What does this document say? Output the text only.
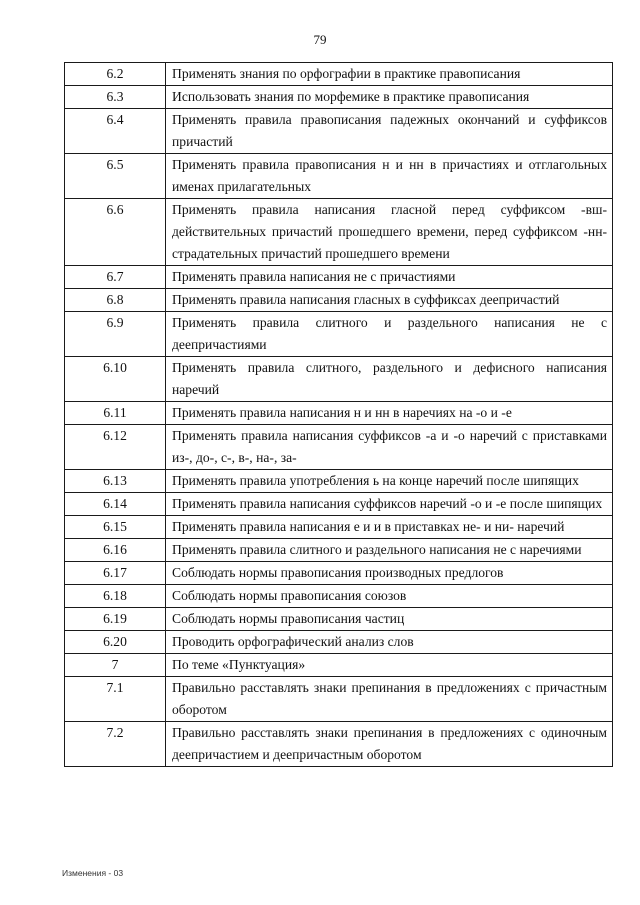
79
6.2	Применять знания по орфографии в практике правописания
6.3	Использовать знания по морфемике в практике правописания
6.4	Применять правила правописания падежных окончаний и суффиксов причастий
6.5	Применять правила правописания н и нн в причастиях и отглагольных именах прилагательных
6.6	Применять правила написания гласной перед суффиксом -вш- действительных причастий прошедшего времени, перед суффиксом -нн- страдательных причастий прошедшего времени
6.7	Применять правила написания не с причастиями
6.8	Применять правила написания гласных в суффиксах деепричастий
6.9	Применять правила слитного и раздельного написания не с деепричастиями
6.10	Применять правила слитного, раздельного и дефисного написания наречий
6.11	Применять правила написания н и нн в наречиях на -о и -е
6.12	Применять правила написания суффиксов -а и -о наречий с приставками из-, до-, с-, в-, на-, за-
6.13	Применять правила употребления ь на конце наречий после шипящих
6.14	Применять правила написания суффиксов наречий -о и -е после шипящих
6.15	Применять правила написания е и и в приставках не- и ни- наречий
6.16	Применять правила слитного и раздельного написания не с наречиями
6.17	Соблюдать нормы правописания производных предлогов
6.18	Соблюдать нормы правописания союзов
6.19	Соблюдать нормы правописания частиц
6.20	Проводить орфографический анализ слов
7	По теме «Пунктуация»
7.1	Правильно расставлять знаки препинания в предложениях с причастным оборотом
7.2	Правильно расставлять знаки препинания в предложениях с одиночным деепричастием и деепричастным оборотом
Изменения - 03
